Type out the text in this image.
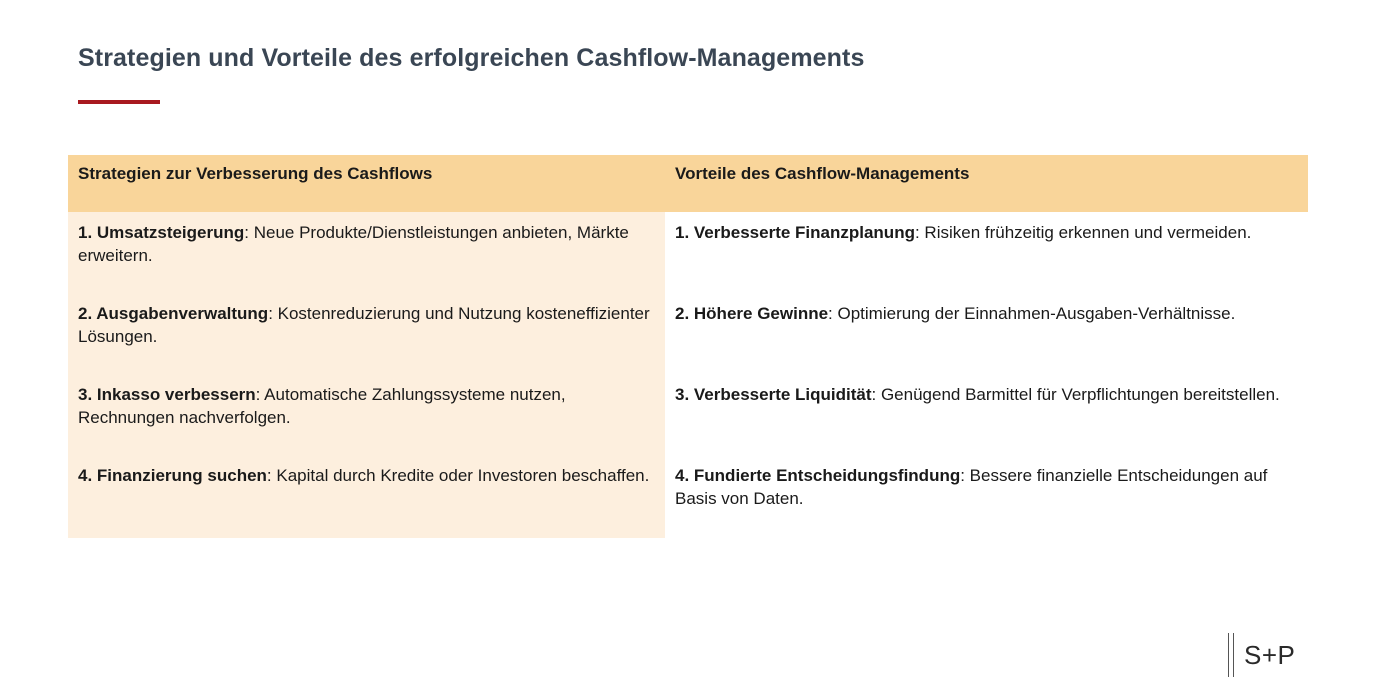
Strategien und Vorteile des erfolgreichen Cashflow-Managements
Strategien zur Verbesserung des Cashflows	Vorteile des Cashflow-Managements
1. Umsatzsteigerung: Neue Produkte/Dienstleistungen anbieten, Märkte erweitern.
2. Ausgabenverwaltung: Kostenreduzierung und Nutzung kosteneffizienter Lösungen.
3. Inkasso verbessern: Automatische Zahlungssysteme nutzen, Rechnungen nachverfolgen.
4. Finanzierung suchen: Kapital durch Kredite oder Investoren beschaffen.
1. Verbesserte Finanzplanung: Risiken frühzeitig erkennen und vermeiden.
2. Höhere Gewinne: Optimierung der Einnahmen-Ausgaben-Verhältnisse.
3. Verbesserte Liquidität: Genügend Barmittel für Verpflichtungen bereitstellen.
4. Fundierte Entscheidungsfindung: Bessere finanzielle Entscheidungen auf Basis von Daten.
S+P
